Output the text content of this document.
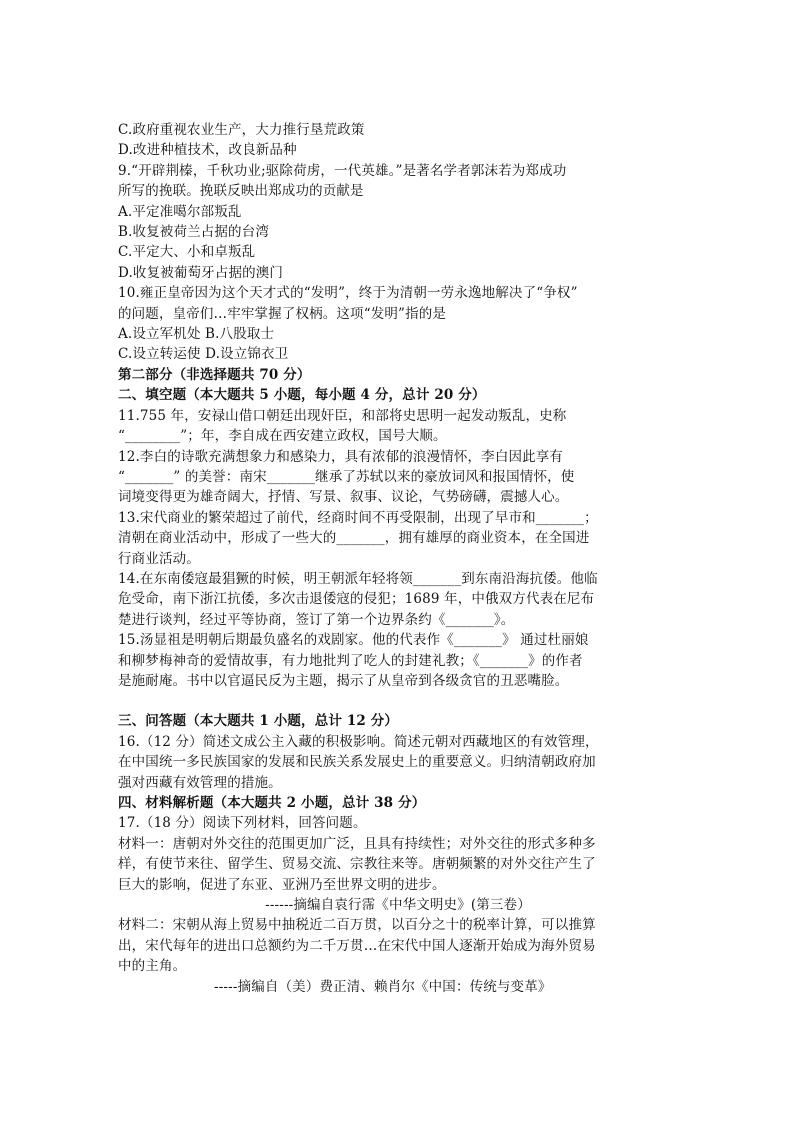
C.政府重视农业生产，大力推行垦荒政策
D.改进种植技术，改良新品种
9.“开辟荆榛，千秋功业;驱除荷虏，一代英雄。”是著名学者郭沫若为郑成功
所写的挽联。挽联反映出郑成功的贡献是
A.平定准噶尔部叛乱
B.收复被荷兰占据的台湾
C.平定大、小和卓叛乱
D.收复被葡萄牙占据的澳门
10.雍正皇帝因为这个天才式的“发明”，终于为清朝一劳永逸地解决了“争权”
的问题，皇帝们…牢牢掌握了权柄。这项“发明”指的是
A.设立军机处 B.八股取士
C.设立转运使 D.设立锦衣卫
第二部分（非选择题共 70 分）
二、填空题（本大题共 5 小题，每小题 4 分，总计 20 分）
11.755 年，安禄山借口朝廷出现奸臣，和部将史思明一起发动叛乱，史称
“________”；年，李自成在西安建立政权，国号大顺。
12.李白的诗歌充满想象力和感染力，具有浓郁的浪漫情怀，李白因此享有
“_______” 的美誉：南宋_______继承了苏轼以来的豪放词风和报国情怀，使
词境变得更为雄奇阔大，抒情、写景、叙事、议论，气势磅礴，震撼人心。
13.宋代商业的繁荣超过了前代，经商时间不再受限制，出现了早市和_______；
清朝在商业活动中，形成了一些大的_______，拥有雄厚的商业资本，在全国进
行商业活动。
14.在东南倭寇最猖獗的时候，明王朝派年轻将领_______到东南沿海抗倭。他临
危受命，南下浙江抗倭，多次击退倭寇的侵犯；1689 年，中俄双方代表在尼布
楚进行谈判，经过平等协商，签订了第一个边界条约《_______》。
15.汤显祖是明朝后期最负盛名的戏剧家。他的代表作《_______》 通过杜丽娘
和柳梦梅神奇的爱情故事，有力地批判了吃人的封建礼教；《_______》的作者
是施耐庵。书中以官逼民反为主题，揭示了从皇帝到各级贪官的丑恶嘴脸。
三、问答题（本大题共 1 小题，总计 12 分）
16.（12 分）简述文成公主入藏的积极影响。简述元朝对西藏地区的有效管理，
在中国统一多民族国家的发展和民族关系发展史上的重要意义。归纳清朝政府加
强对西藏有效管理的措施。
四、材料解析题（本大题共 2 小题，总计 38 分）
17.（18 分）阅读下列材料，回答问题。
材料一：唐朝对外交往的范围更加广泛，且具有持续性；对外交往的形式多种多
样，有使节来往、留学生、贸易交流、宗教往来等。唐朝频繁的对外交往产生了
巨大的影响，促进了东亚、亚洲乃至世界文明的进步。
------摘编自袁行霈《中华文明史》(第三卷）
材料二：宋朝从海上贸易中抽税近二百万贯，以百分之十的税率计算，可以推算
出，宋代每年的进出口总额约为二千万贯…在宋代中国人逐渐开始成为海外贸易
中的主角。
-----摘编自（美）费正清、赖肖尔《中国：传统与变革》
